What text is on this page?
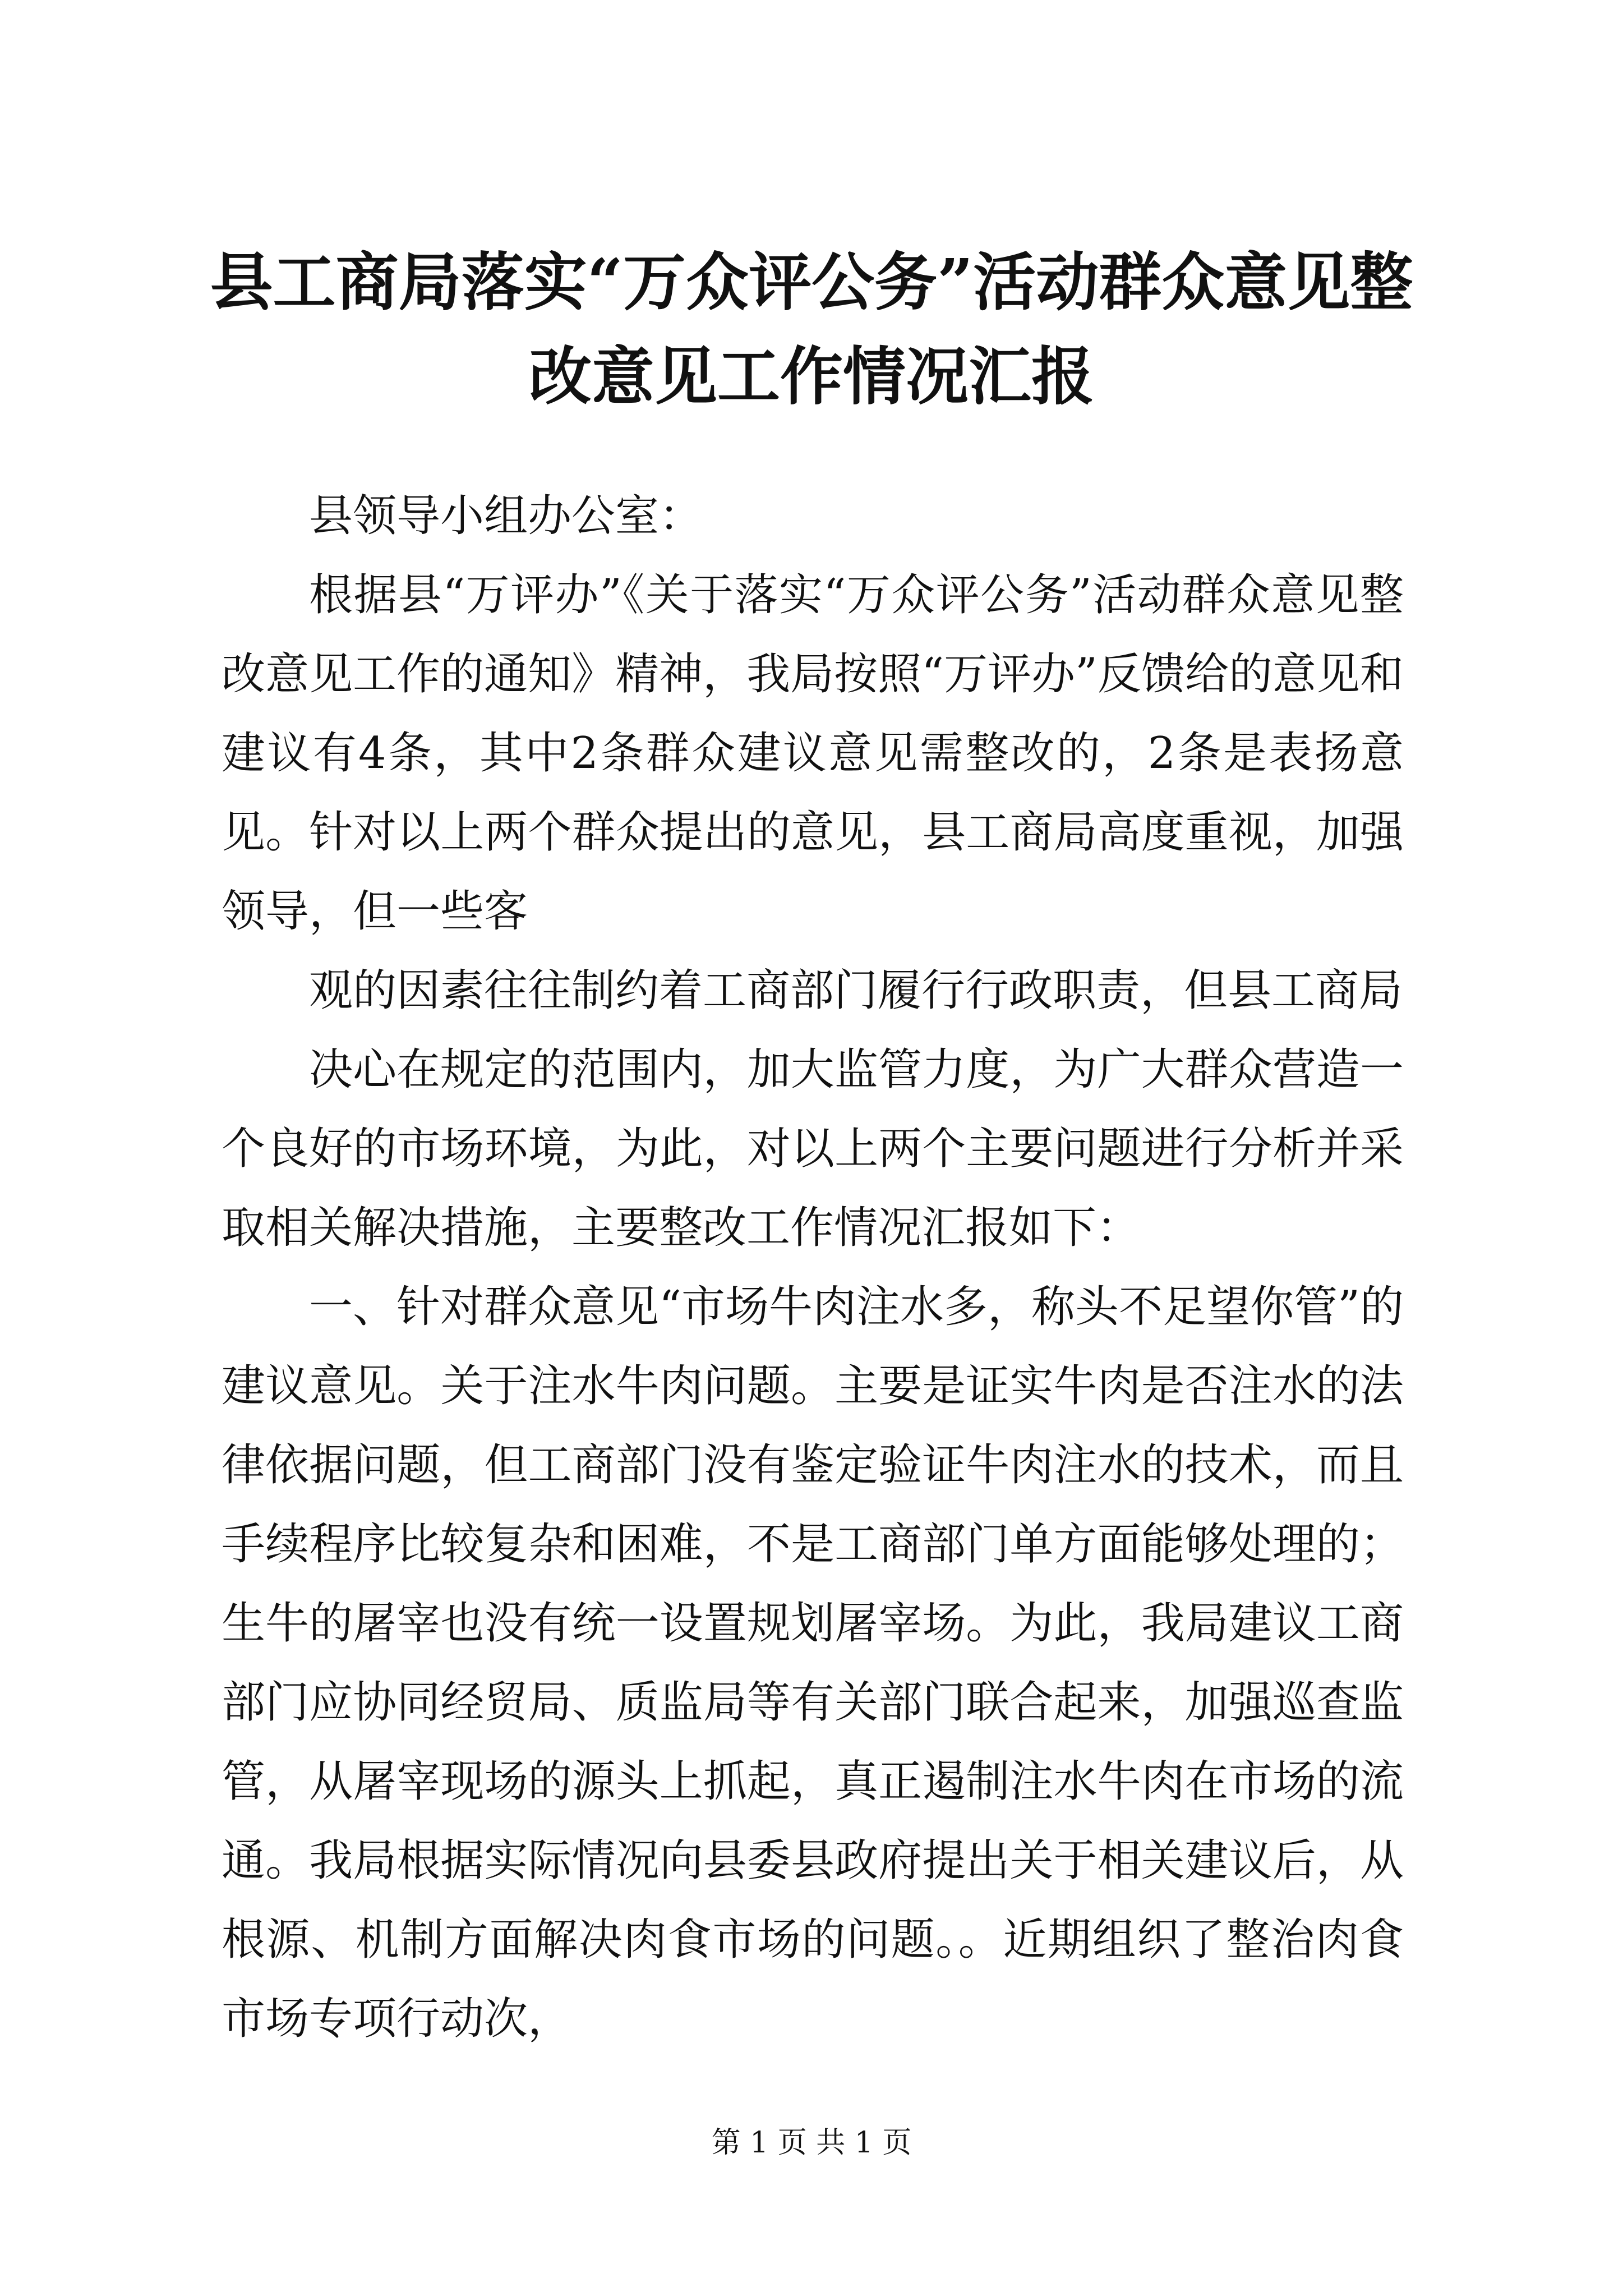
县工商局落实“万众评公务”活动群众意见整改意见工作情况汇报

县领导小组办公室：

根据县“万评办”《关于落实“万众评公务”活动群众意见整改意见工作的通知》精神，我局按照“万评办”反馈给的意见和建议有4条，其中2条群众建议意见需整改的，2条是表扬意见。针对以上两个群众提出的意见，县工商局高度重视，加强领导，但一些客

观的因素往往制约着工商部门履行行政职责，但县工商局

决心在规定的范围内，加大监管力度，为广大群众营造一个良好的市场环境，为此，对以上两个主要问题进行分析并采取相关解决措施，主要整改工作情况汇报如下：

一、针对群众意见“市场牛肉注水多，称头不足望你管”的建议意见。关于注水牛肉问题。主要是证实牛肉是否注水的法律依据问题，但工商部门没有鉴定验证牛肉注水的技术，而且手续程序比较复杂和困难，不是工商部门单方面能够处理的；生牛的屠宰也没有统一设置规划屠宰场。为此，我局建议工商部门应协同经贸局、质监局等有关部门联合起来，加强巡查监管，从屠宰现场的源头上抓起，真正遏制注水牛肉在市场的流通。我局根据实际情况向县委县政府提出关于相关建议后，从根源、机制方面解决肉食市场的问题。。近期组织了整治肉食市场专项行动次，

第 1 页 共 1 页
